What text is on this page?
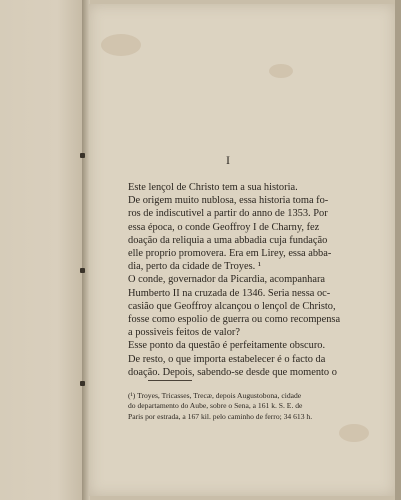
I

Este lençol de Christo tem a sua historia.

De origem muito nublosa, essa historia toma fo-

ros de indiscutivel a partir do anno de 1353. Por

essa época, o conde Geoffroy I de Charny, fez

doação da reliquia a uma abbadia cuja fundação

elle proprio promovera. Era em Lirey, essa abba-

dia, perto da cidade de Troyes. ¹

O conde, governador da Picardia, acompanhara

Humberto II na cruzada de 1346. Seria nessa oc-

casião que Geoffroy alcançou o lençol de Christo,

fosse como espolio de guerra ou como recompensa

a possiveis feitos de valor?

Esse ponto da questão é perfeitamente obscuro.

De resto, o que importa estabelecer é o facto da

doação. Depois, sabendo-se desde que momento o

(¹) Troyes, Tricasses, Trecæ, depois Augustobona, cidade

do departamento do Aube, sobre o Sena, a 161 k. S. E. de

Paris por estrada, a 167 kil. pelo caminho de ferro; 34 613 h.
